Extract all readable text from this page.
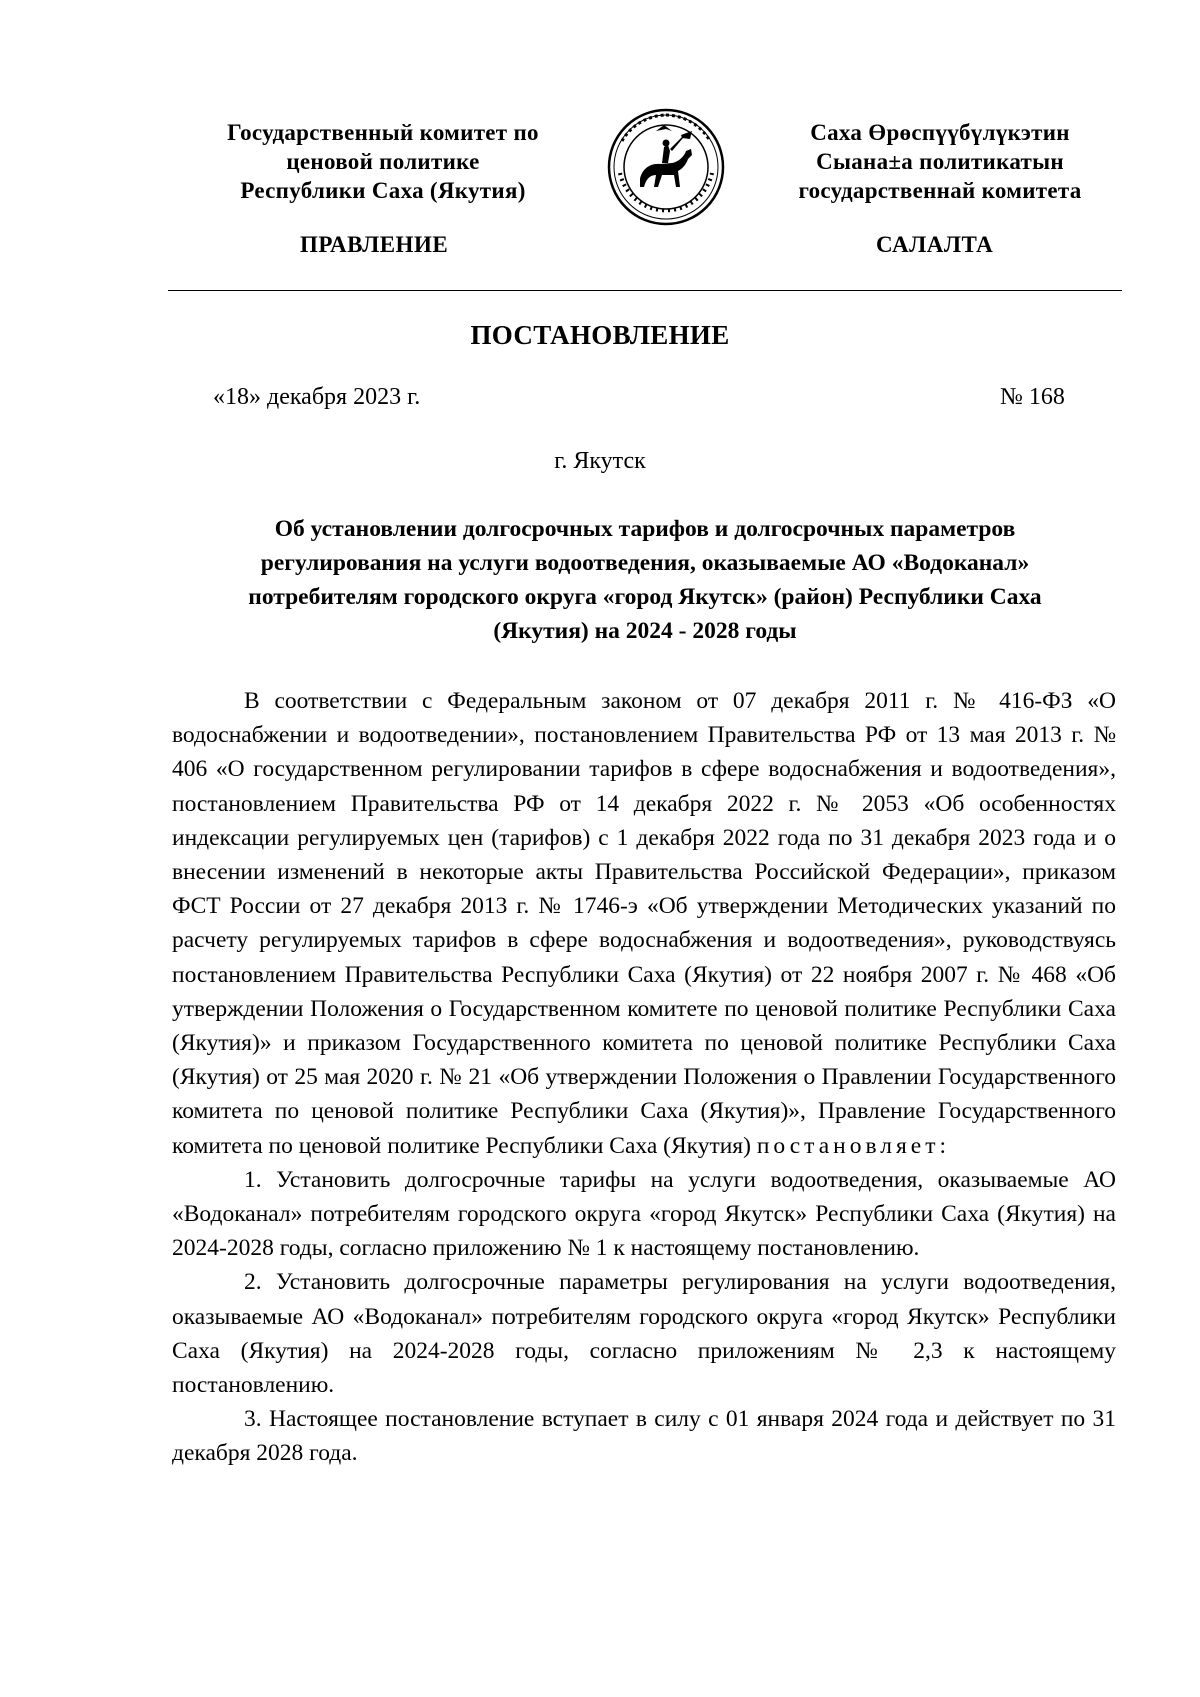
Государственный комитет по
ценовой политике
Республики Саха (Якутия)
Саха Өрөспүүбүлүкэтин
Сыана±а политикатын
государственнай комитета
ПРАВЛЕНИЕ	САЛАЛТА
ПОСТАНОВЛЕНИЕ
«18» декабря 2023 г.	№ 168
г. Якутск
Об установлении долгосрочных тарифов и долгосрочных параметров
регулирования на услуги водоотведения, оказываемые АО «Водоканал»
потребителям городского округа «город Якутск» (район) Республики Саха
(Якутия) на 2024 - 2028 годы

В соответствии с Федеральным законом от 07 декабря 2011 г. № 416-ФЗ «О водоснабжении и водоотведении», постановлением Правительства РФ от 13 мая 2013 г. № 406 «О государственном регулировании тарифов в сфере водоснабжения и водоотведения», постановлением Правительства РФ от 14 декабря 2022 г. № 2053 «Об особенностях индексации регулируемых цен (тарифов) с 1 декабря 2022 года по 31 декабря 2023 года и о внесении изменений в некоторые акты Правительства Российской Федерации», приказом ФСТ России от 27 декабря 2013 г. № 1746-э «Об утверждении Методических указаний по расчету регулируемых тарифов в сфере водоснабжения и водоотведения», руководствуясь постановлением Правительства Республики Саха (Якутия) от 22 ноября 2007 г. № 468 «Об утверждении Положения о Государственном комитете по ценовой политике Республики Саха (Якутия)» и приказом Государственного комитета по ценовой политике Республики Саха (Якутия) от 25 мая 2020 г. № 21 «Об утверждении Положения о Правлении Государственного комитета по ценовой политике Республики Саха (Якутия)», Правление Государственного комитета по ценовой политике Республики Саха (Якутия) постановляет:

1. Установить долгосрочные тарифы на услуги водоотведения, оказываемые АО «Водоканал» потребителям городского округа «город Якутск» Республики Саха (Якутия) на 2024-2028 годы, согласно приложению № 1 к настоящему постановлению.

2. Установить долгосрочные параметры регулирования на услуги водоотведения, оказываемые АО «Водоканал» потребителям городского округа «город Якутск» Республики Саха (Якутия) на 2024-2028 годы, согласно приложениям № 2,3 к настоящему постановлению.

3. Настоящее постановление вступает в силу с 01 января 2024 года и действует по 31 декабря 2028 года.
